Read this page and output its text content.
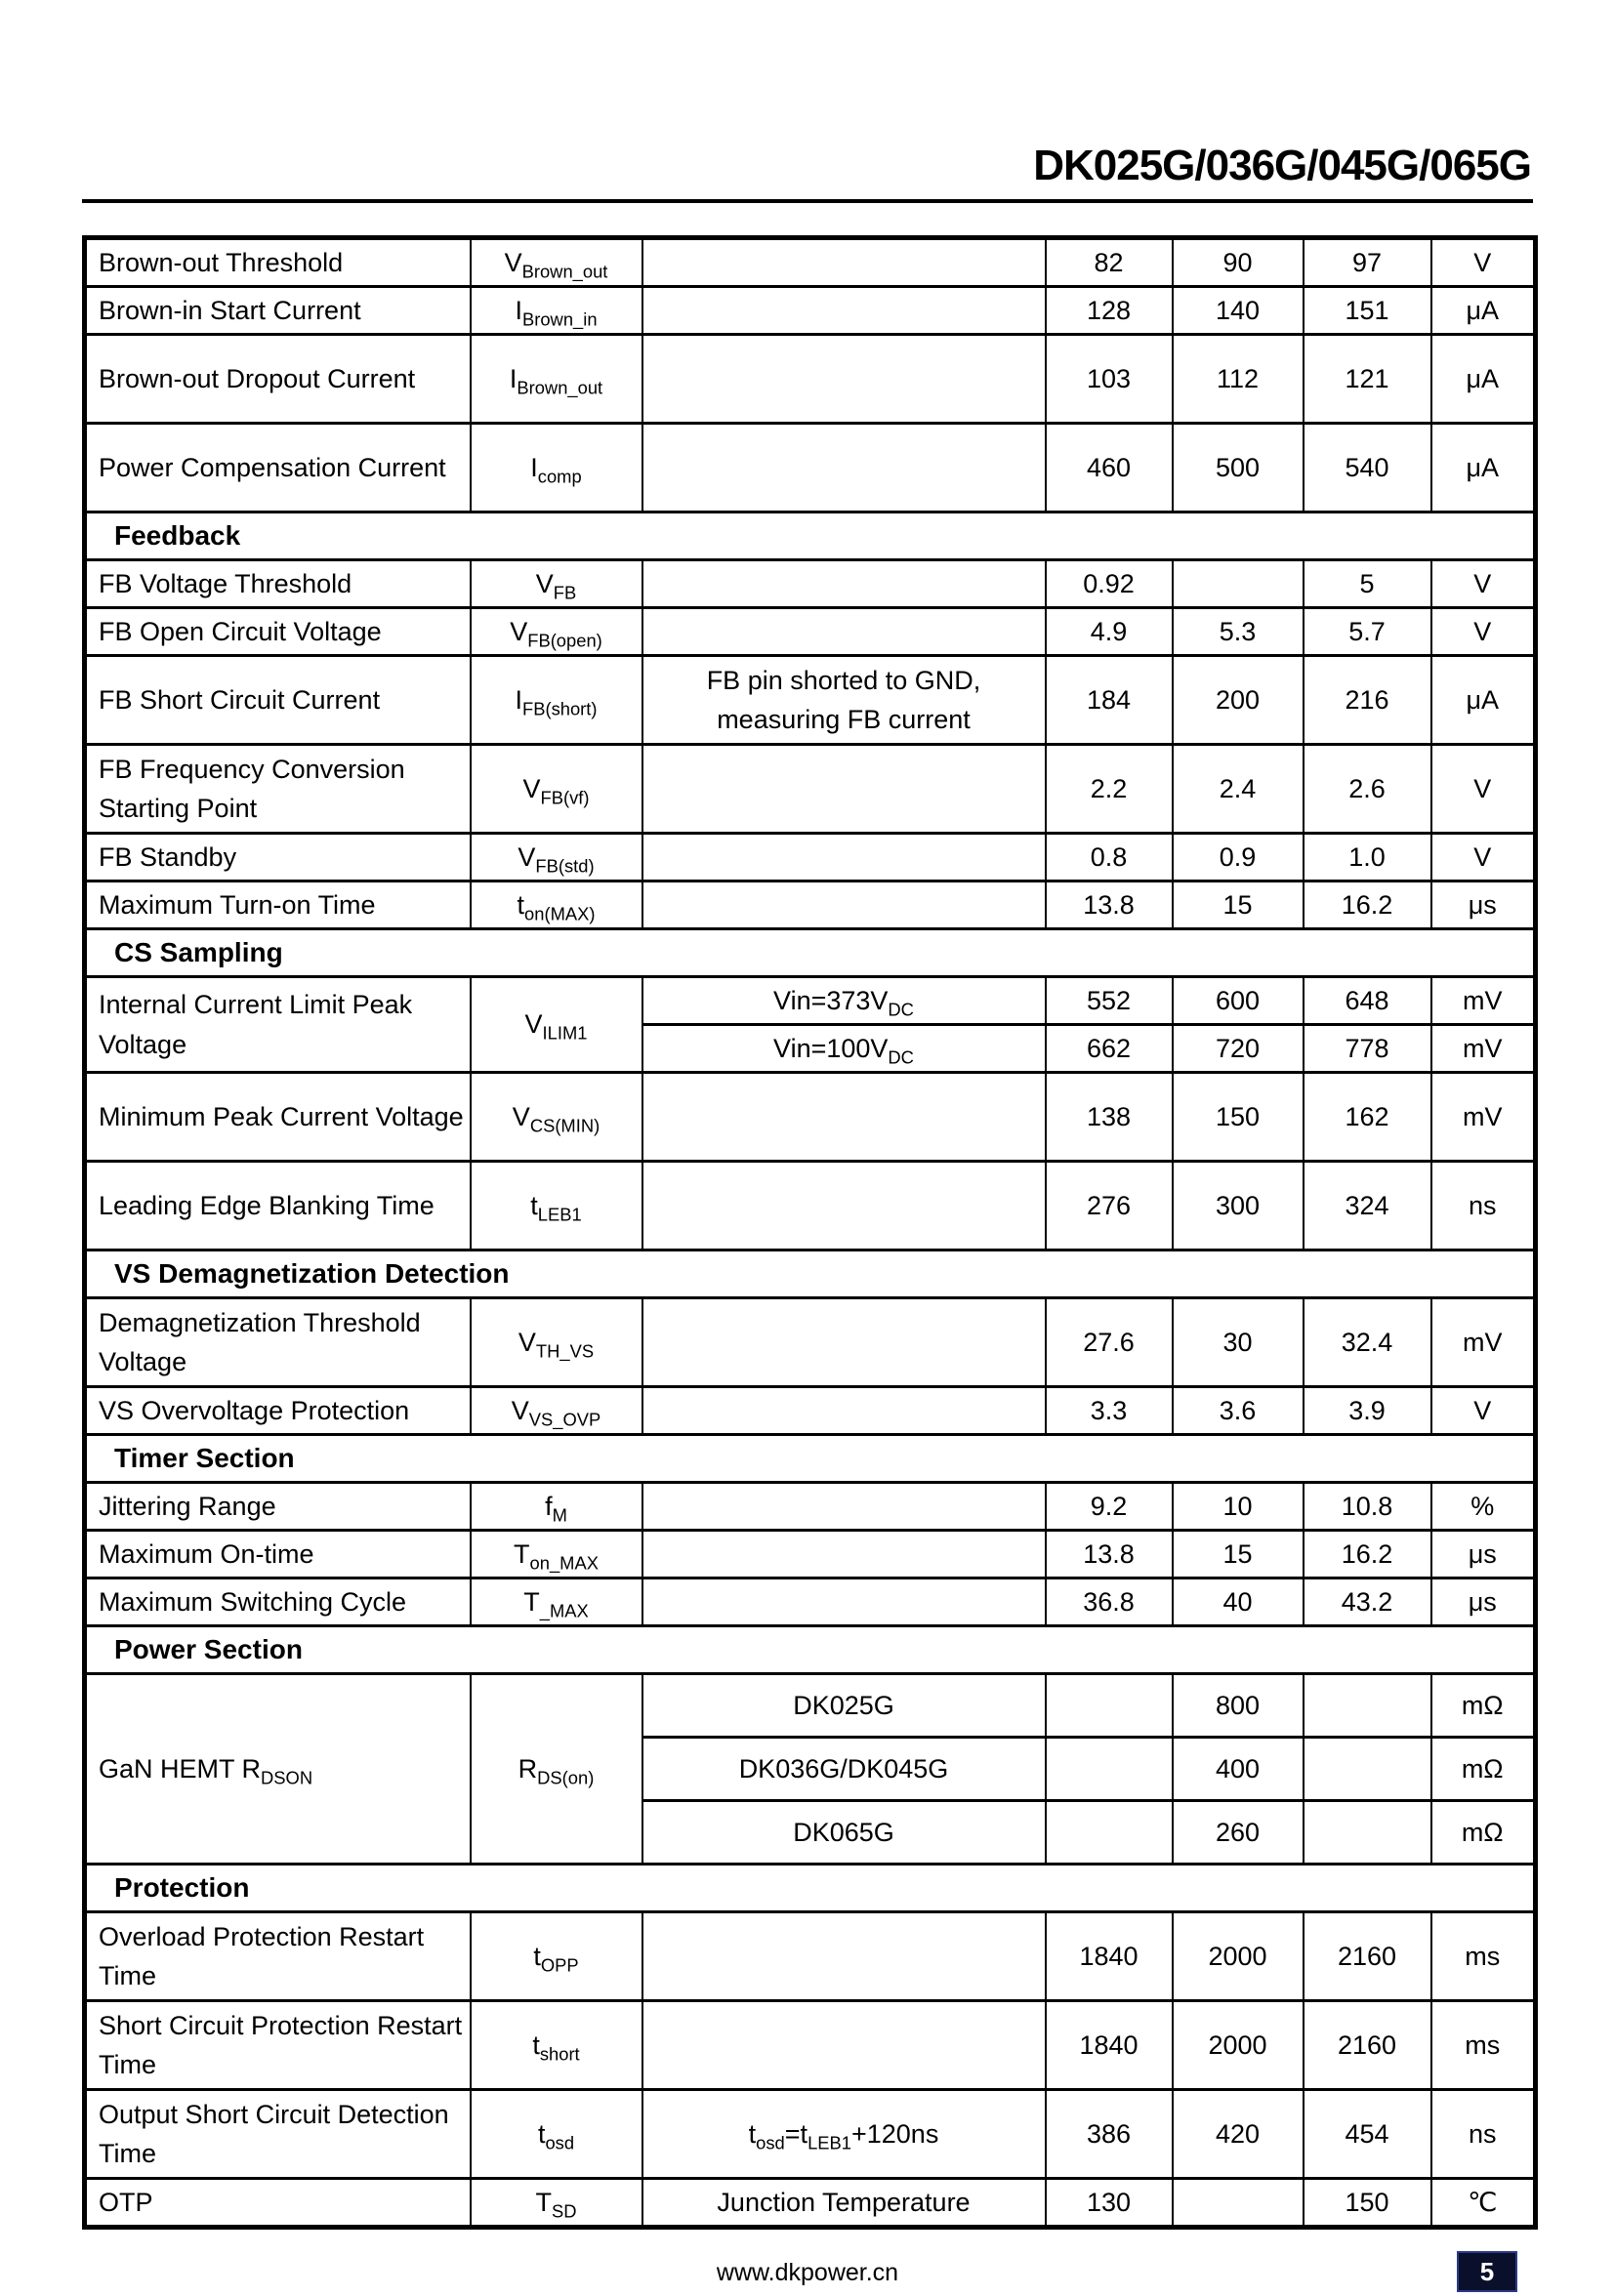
DK025G/036G/045G/065G
Brown-out Threshold	$V_{Brown\_out}$		82	90	97	V
Brown-in Start Current	$I_{Brown\_in}$		128	140	151	μA
Brown-out Dropout Current	$I_{Brown\_out}$		103	112	121	μA
Power Compensation Current	$I_{comp}$		460	500	540	μA
Feedback						
FB Voltage Threshold	$V_{FB}$		0.92		5	V
FB Open Circuit Voltage	$V_{FB(open)}$		4.9	5.3	5.7	V
FB Short Circuit Current	$I_{FB(short)}$	FB pin shorted to GND, measuring FB current	184	200	216	μA
FB Frequency Conversion Starting Point	$V_{FB(vf)}$		2.2	2.4	2.6	V
FB Standby	$V_{FB(std)}$		0.8	0.9	1.0	V
Maximum Turn-on Time	$t_{on(MAX)}$		13.8	15	16.2	μs
CS Sampling						
Internal Current Limit Peak Voltage	$V_{ILIM1}$	$Vin=373V_{DC}$	552	600	648	mV
		$Vin=100V_{DC}$	662	720	778	mV
Minimum Peak Current Voltage	$V_{CS(MIN)}$		138	150	162	mV
Leading Edge Blanking Time	$t_{LEB1}$		276	300	324	ns
VS Demagnetization Detection						
Demagnetization Threshold Voltage	$V_{TH\_VS}$		27.6	30	32.4	mV
VS Overvoltage Protection	$V_{VS\_OVP}$		3.3	3.6	3.9	V
Timer Section						
Jittering Range	$f_M$		9.2	10	10.8	%
Maximum On-time	$T_{on\_MAX}$		13.8	15	16.2	μs
Maximum Switching Cycle	$T_{\_MAX}$		36.8	40	43.2	μs
Power Section						
GaN HEMT $R_{DSON}$	$R_{DS(on)}$	DK025G		800		mΩ
		DK036G/DK045G		400		mΩ
		DK065G		260		mΩ
Protection						
Overload Protection Restart Time	$t_{OPP}$		1840	2000	2160	ms
Short Circuit Protection Restart Time	$t_{short}$		1840	2000	2160	ms
Output Short Circuit Detection Time	$t_{osd}$	$t_{osd}=t_{LEB1}+120ns$	386	420	454	ns
OTP	$T_{SD}$	Junction Temperature	130		150	℃
www.dkpower.cn	5
